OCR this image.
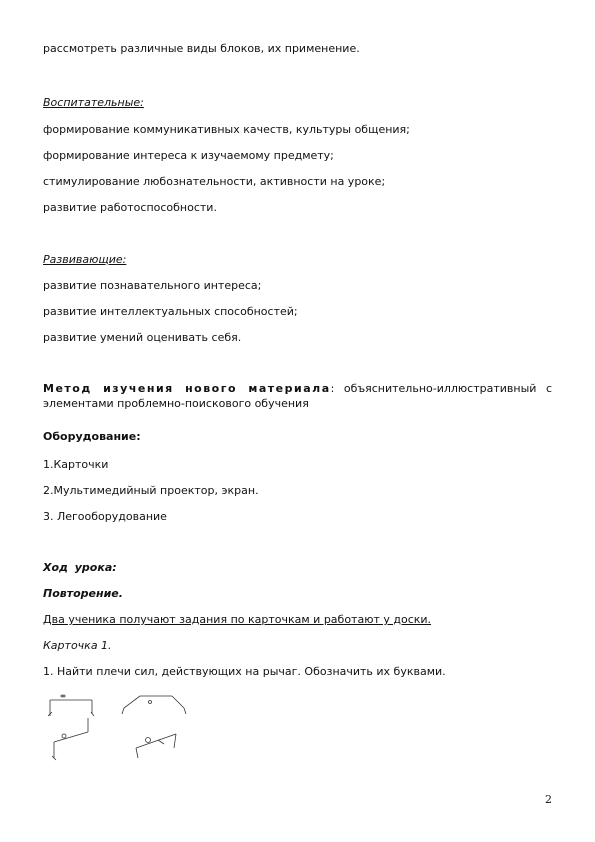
рассмотреть различные виды блоков, их применение.

Воспитательные:

формирование коммуникативных качеств, культуры общения;

формирование интереса к изучаемому предмету;

стимулирование любознательности, активности на уроке;

развитие работоспособности.

Развивающие:

развитие познавательного интереса;

развитие интеллектуальных способностей;

развитие умений оценивать себя.

Метод изучения нового материала: объяснительно-иллюстративный с
элементами проблемно-поискового обучения

Оборудование:

1.Карточки

2.Мультимедийный проектор, экран.

3. Легооборудование

Ход урока:

Повторение.

Два ученика получают задания по карточкам и работают у доски.

Карточка 1.

1. Найти плечи сил, действующих на рычаг. Обозначить их буквами.

2
